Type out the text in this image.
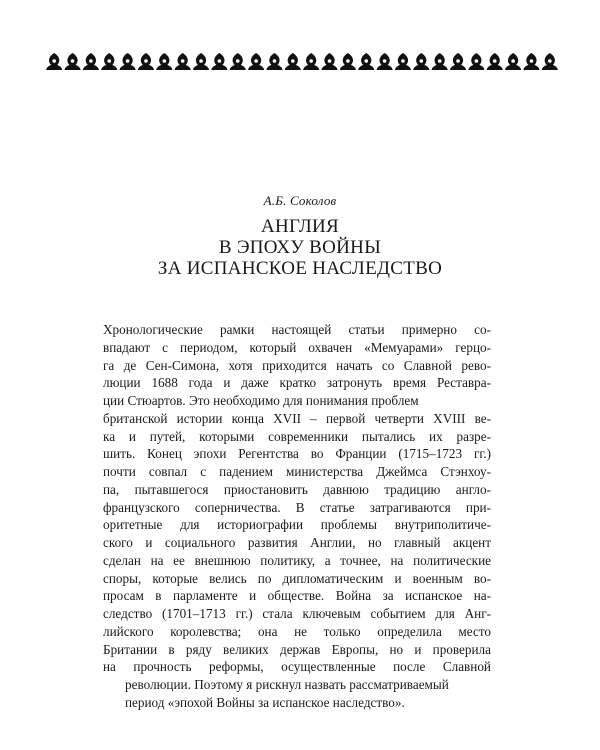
А.Б. Соколов
АНГЛИЯ
В ЭПОХУ ВОЙНЫ
ЗА ИСПАНСКОЕ НАСЛЕДСТВО
Хронологические рамки настоящей статьи примерно со-
впадают с периодом, который охвачен «Мемуарами» герцо-
га де Сен-Симона, хотя приходится начать со Славной рево-
люции 1688 года и даже кратко затронуть время Реставра-
ции Стюартов. Это необходимо для понимания проблем
британской истории конца XVII – первой четверти XVIII ве-
ка и путей, которыми современники пытались их разре-
шить. Конец эпохи Регентства во Франции (1715–1723 гг.)
почти совпал с падением министерства Джеймса Стэнхоу-
па, пытавшегося приостановить давнюю традицию англо-
французского соперничества. В статье затрагиваются при-
оритетные для историографии проблемы внутриполитиче-
ского и социального развития Англии, но главный акцент
сделан на ее внешнюю политику, а точнее, на политические
споры, которые велись по дипломатическим и военным во-
просам в парламенте и обществе. Война за испанское на-
следство (1701–1713 гг.) стала ключевым событием для Анг-
лийского королевства; она не только определила место
Британии в ряду великих держав Европы, но и проверила
на прочность реформы, осуществленные после Славной
революции. Поэтому я рискнул назвать рассматриваемый
период «эпохой Войны за испанское наследство».
